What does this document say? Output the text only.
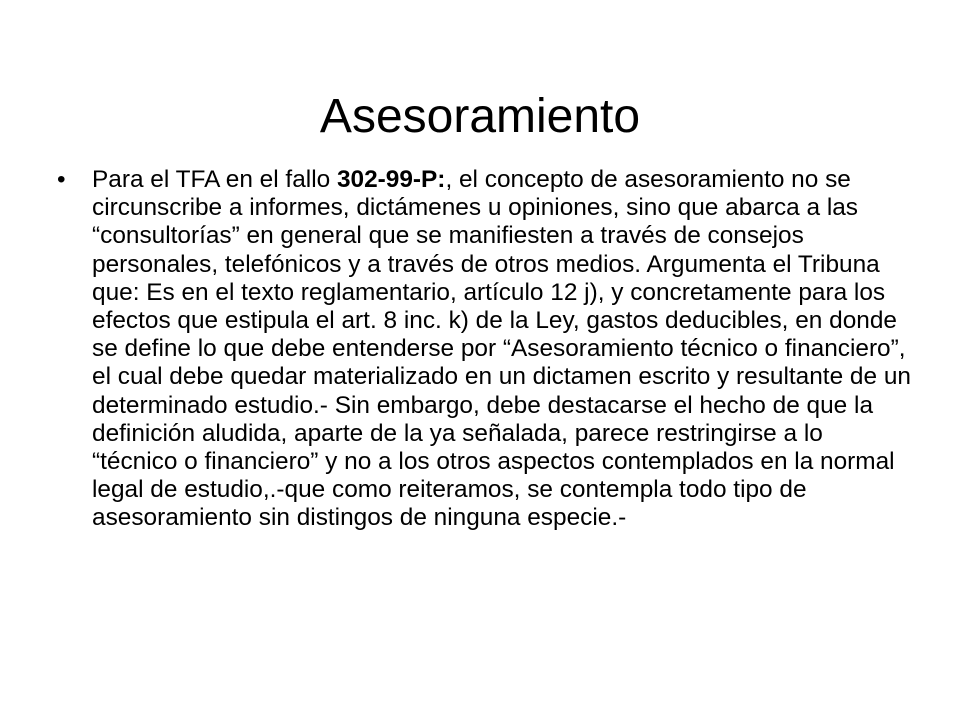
Asesoramiento
• Para el TFA en el fallo 302-99-P:, el concepto de asesoramiento no se circunscribe a informes, dictámenes u opiniones, sino que abarca a las “consultorías” en general que se manifiesten a través de consejos personales, telefónicos y a través de otros medios. Argumenta el Tribuna que: Es en el texto reglamentario, artículo 12 j), y concretamente para los efectos que estipula el art. 8 inc. k) de la Ley, gastos deducibles, en donde se define lo que debe entenderse por “Asesoramiento técnico o financiero”, el cual debe quedar materializado en un dictamen escrito y resultante de un determinado estudio.- Sin embargo, debe destacarse el hecho de que la definición aludida, aparte de la ya señalada, parece restringirse a lo “técnico o financiero” y no a los otros aspectos contemplados en la normal legal de estudio,.-que como reiteramos, se contempla todo tipo de asesoramiento sin distingos de ninguna especie.-
